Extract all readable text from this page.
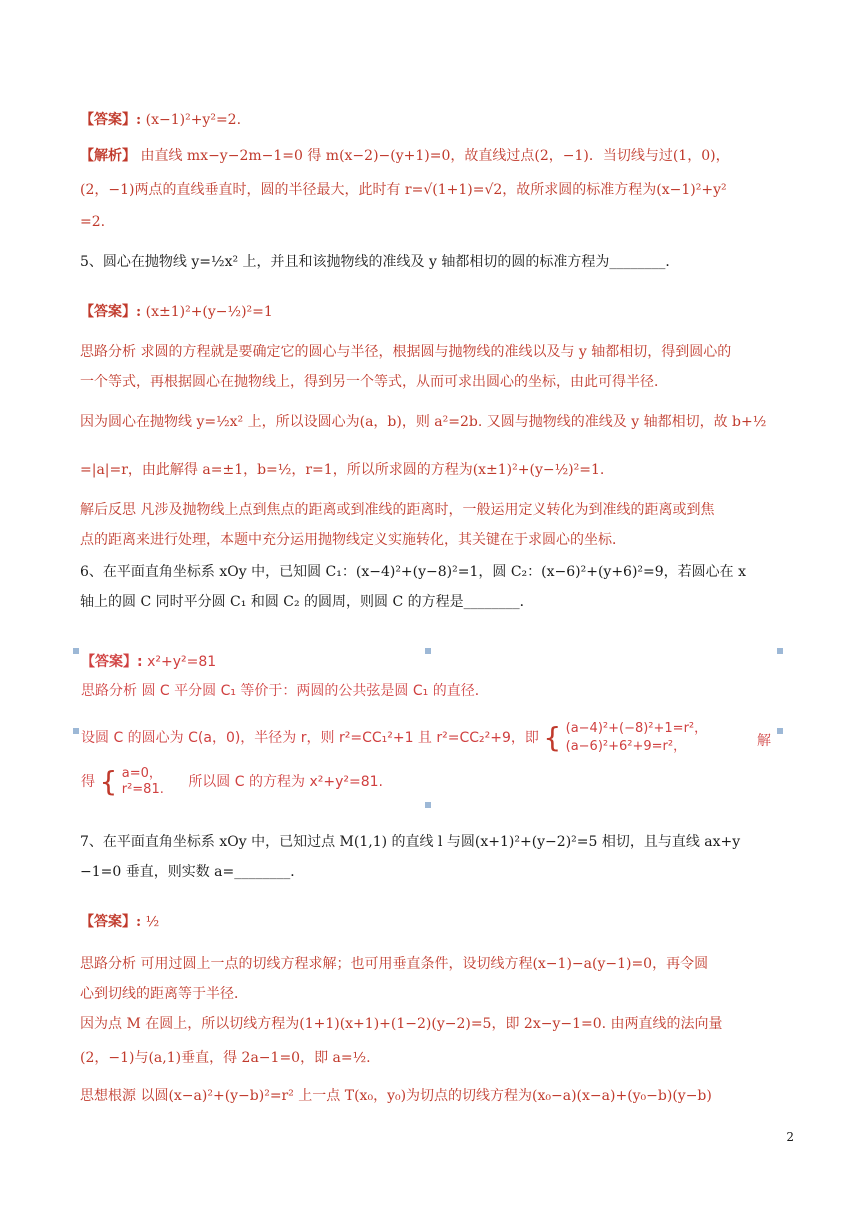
【答案】: (x−1)²+y²=2.
【解析】 由直线 mx−y−2m−1=0 得 m(x−2)−(y+1)=0，故直线过点(2，−1)．当切线与过(1，0)，
(2，−1)两点的直线垂直时，圆的半径最大，此时有 r=√(1+1)=√2，故所求圆的标准方程为(x−1)²+y²
=2.
5、圆心在抛物线 y=½x² 上，并且和该抛物线的准线及 y 轴都相切的圆的标准方程为________．
【答案】: (x±1)²+(y−½)²=1
思路分析 求圆的方程就是要确定它的圆心与半径，根据圆与抛物线的准线以及与 y 轴都相切，得到圆心的
一个等式，再根据圆心在抛物线上，得到另一个等式，从而可求出圆心的坐标，由此可得半径．
因为圆心在抛物线 y=½x² 上，所以设圆心为(a，b)，则 a²=2b. 又圆与抛物线的准线及 y 轴都相切，故 b+½
=|a|=r，由此解得 a=±1，b=½，r=1，所以所求圆的方程为(x±1)²+(y−½)²=1.
解后反思 凡涉及抛物线上点到焦点的距离或到准线的距离时，一般运用定义转化为到准线的距离或到焦
点的距离来进行处理，本题中充分运用抛物线定义实施转化，其关键在于求圆心的坐标．
6、在平面直角坐标系 xOy 中，已知圆 C₁：(x−4)²+(y−8)²=1，圆 C₂：(x−6)²+(y+6)²=9，若圆心在 x
轴上的圆 C 同时平分圆 C₁ 和圆 C₂ 的圆周，则圆 C 的方程是________．
【答案】: x²+y²=81
思路分析 圆 C 平分圆 C₁ 等价于：两圆的公共弦是圆 C₁ 的直径．
设圆 C 的圆心为 C(a，0)，半径为 r，则 r²=CC₁²+1 且 r²=CC₂²+9，即 { (a−4)²+(−8)²+1=r²，
(a−6)²+6²+9=r²，	解
得 { a=0，
r²=81. 所以圆 C 的方程为 x²+y²=81.
7、在平面直角坐标系 xOy 中，已知过点 M(1,1) 的直线 l 与圆(x+1)²+(y−2)²=5 相切，且与直线 ax+y
−1=0 垂直，则实数 a=________．
【答案】: ½
思路分析 可用过圆上一点的切线方程求解；也可用垂直条件，设切线方程(x−1)−a(y−1)=0，再令圆
心到切线的距离等于半径．
因为点 M 在圆上，所以切线方程为(1+1)(x+1)+(1−2)(y−2)=5，即 2x−y−1=0. 由两直线的法向量
(2，−1)与(a,1)垂直，得 2a−1=0，即 a=½.
思想根源 以圆(x−a)²+(y−b)²=r² 上一点 T(x₀，y₀)为切点的切线方程为(x₀−a)(x−a)+(y₀−b)(y−b)
2
